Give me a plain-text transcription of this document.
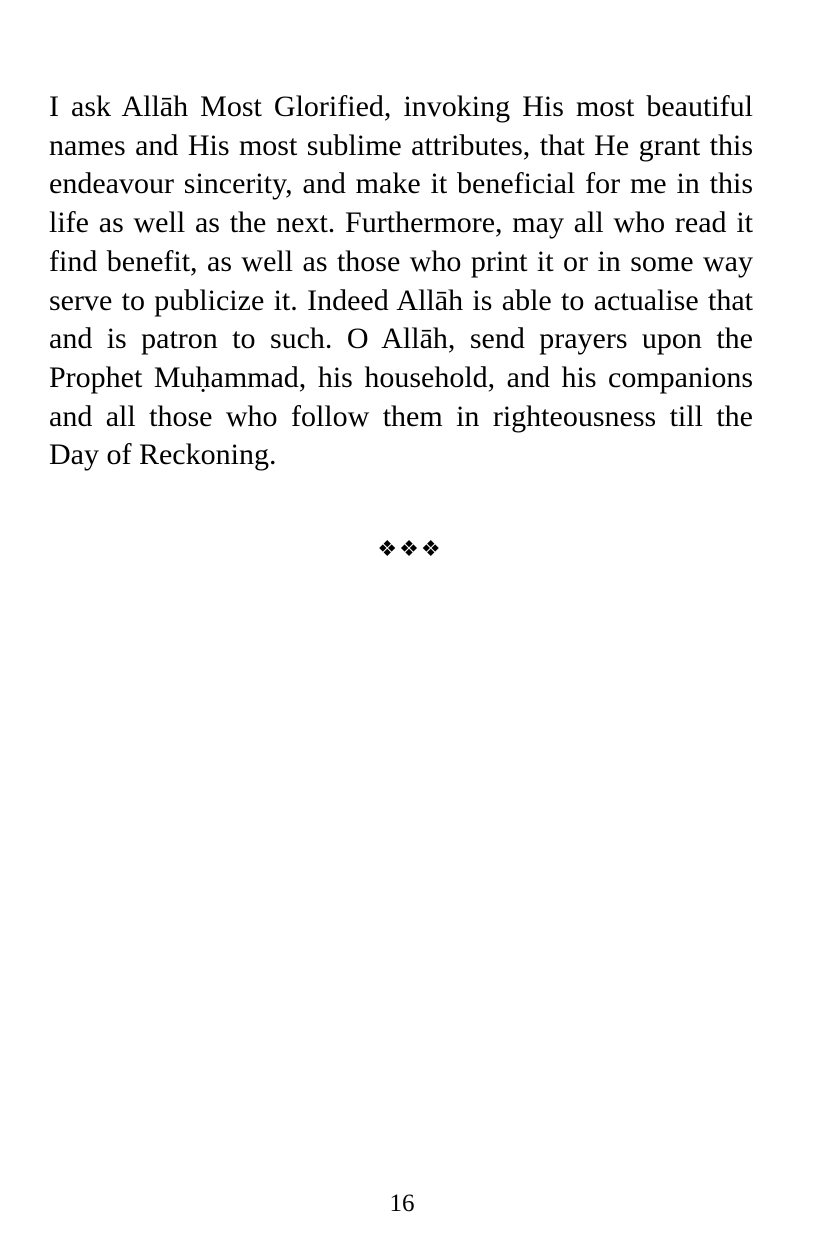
I ask Allāh Most Glorified, invoking His most beautiful names and His most sublime attributes, that He grant this endeavour sincerity, and make it beneficial for me in this life as well as the next. Furthermore, may all who read it find benefit, as well as those who print it or in some way serve to publicize it. Indeed Allāh is able to actualise that and is patron to such. O Allāh, send prayers upon the Prophet Muḥammad, his household, and his companions and all those who follow them in righteousness till the Day of Reckoning.

❖❖❖
16
